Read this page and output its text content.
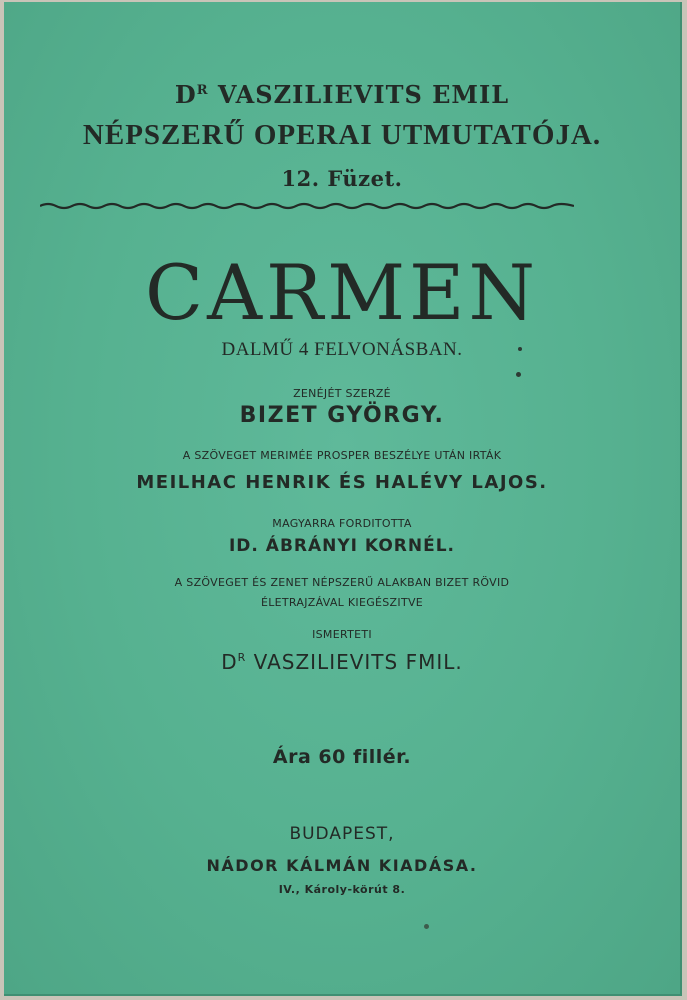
$D^R$ VASZILIEVITS EMIL
NÉPSZERŰ OPERAI UTMUTATÓJA.
12. Füzet.
CARMEN
DALMŰ 4 FELVONÁSBAN.
ZENÉJÉT SZERZÉ
BIZET GYÖRGY.
A SZÖVEGET MERIMÉE PROSPER BESZÉLYE UTÁN IRTÁK
MEILHAC HENRIK ÉS HALÉVY LAJOS.
MAGYARRA FORDITOTTA
ID. ÁBRÁNYI KORNÉL.
A SZÖVEGET ÉS ZENET NÉPSZERŰ ALAKBAN BIZET RÖVID
ÉLETRAJZÁVAL KIEGÉSZITVE
ISMERTETI
$D^R$ VASZILIEVITS FMIL.
Ára 60 fillér.
BUDAPEST,
NÁDOR KÁLMÁN KIADÁSA.
IV., Károly-körút 8.
